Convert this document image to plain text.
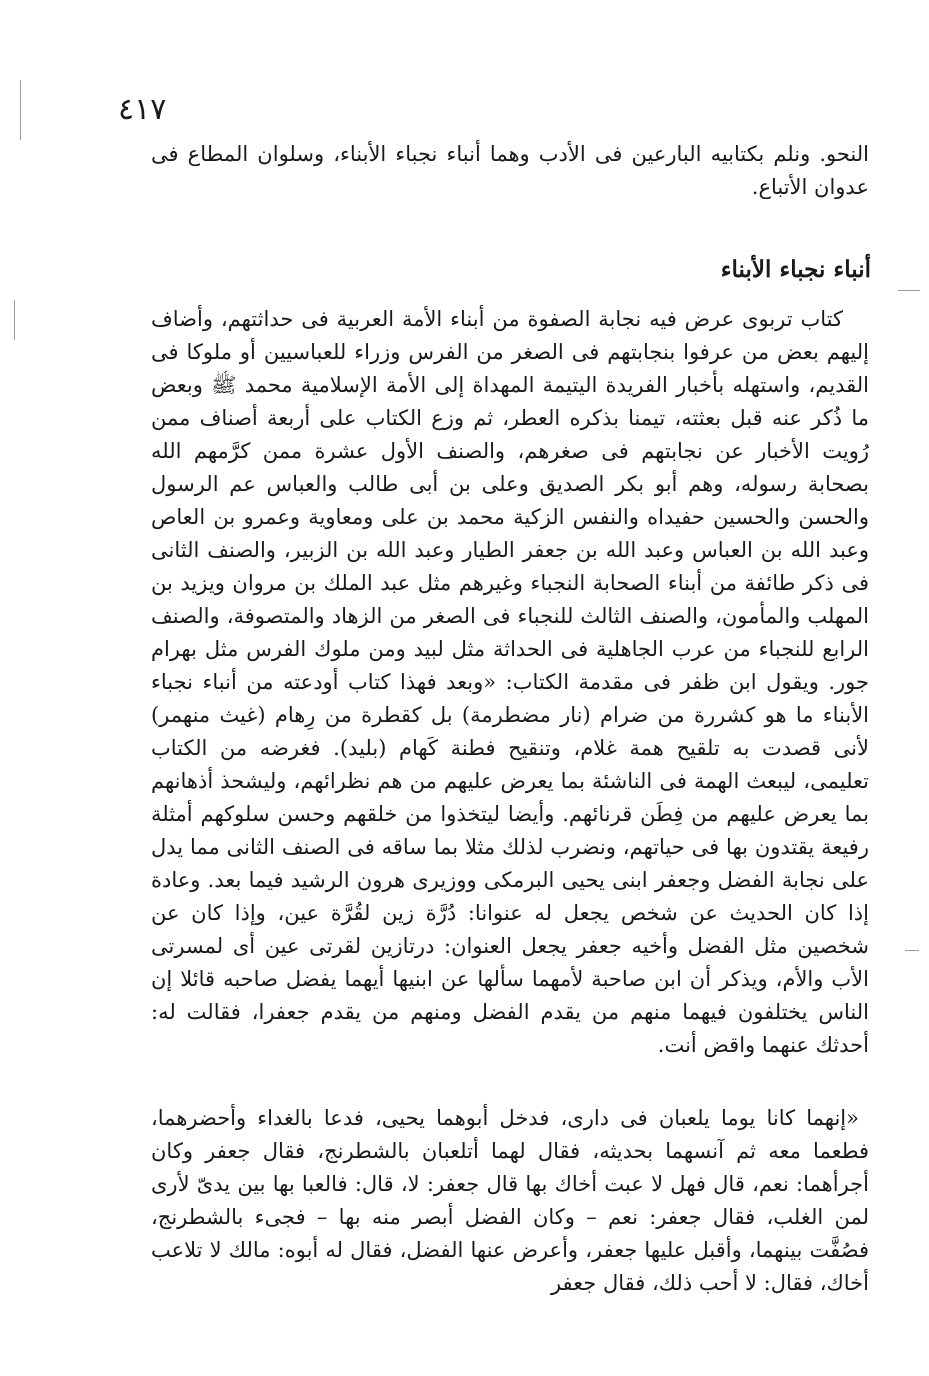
٤١٧

النحو. ونلم بكتابيه البارعين فى الأدب وهما أنباء نجباء الأبناء، وسلوان المطاع فى عدوان الأتباع.

أنباء نجباء الأبناء

كتاب تربوى عرض فيه نجابة الصفوة من أبناء الأمة العربية فى حداثتهم، وأضاف إليهم بعض من عرفوا بنجابتهم فى الصغر من الفرس وزراء للعباسيين أو ملوكا فى القديم، واستهله بأخبار الفريدة اليتيمة المهداة إلى الأمة الإسلامية محمد ﷺ وبعض ما ذُكر عنه قبل بعثته، تيمنا بذكره العطر، ثم وزع الكتاب على أربعة أصناف ممن رُويت الأخبار عن نجابتهم فى صغرهم، والصنف الأول عشرة ممن كرَّمهم الله بصحابة رسوله، وهم أبو بكر الصديق وعلى بن أبى طالب والعباس عم الرسول والحسن والحسين حفيداه والنفس الزكية محمد بن على ومعاوية وعمرو بن العاص وعبد الله بن العباس وعبد الله بن جعفر الطيار وعبد الله بن الزبير، والصنف الثانى فى ذكر طائفة من أبناء الصحابة النجباء وغيرهم مثل عبد الملك بن مروان ويزيد بن المهلب والمأمون، والصنف الثالث للنجباء فى الصغر من الزهاد والمتصوفة، والصنف الرابع للنجباء من عرب الجاهلية فى الحداثة مثل لبيد ومن ملوك الفرس مثل بهرام جور. ويقول ابن ظفر فى مقدمة الكتاب: «وبعد فهذا كتاب أودعته من أنباء نجباء الأبناء ما هو كشررة من ضرام (نار مضطرمة) بل كقطرة من رِهام (غيث منهمر) لأنى قصدت به تلقيح همة غلام، وتنقيح فطنة كَهام (بليد). فغرضه من الكتاب تعليمى، ليبعث الهمة فى الناشئة بما يعرض عليهم من هم نظرائهم، وليشحذ أذهانهم بما يعرض عليهم من فِطَن قرنائهم. وأيضا ليتخذوا من خلقهم وحسن سلوكهم أمثلة رفيعة يقتدون بها فى حياتهم، ونضرب لذلك مثلا بما ساقه فى الصنف الثانى مما يدل على نجابة الفضل وجعفر ابنى يحيى البرمكى ووزيرى هرون الرشيد فيما بعد. وعادة إذا كان الحديث عن شخص يجعل له عنوانا: دُرَّة زين لقُرَّة عين، وإذا كان عن شخصين مثل الفضل وأخيه جعفر يجعل العنوان: درتازين لقرتى عين أى لمسرتى الأب والأم، ويذكر أن ابن صاحبة لأمهما سألها عن ابنيها أيهما يفضل صاحبه قائلا إن الناس يختلفون فيهما منهم من يقدم الفضل ومنهم من يقدم جعفرا، فقالت له: أحدثك عنهما واقض أنت.

«إنهما كانا يوما يلعبان فى دارى، فدخل أبوهما يحيى، فدعا بالغداء وأحضرهما، فطعما معه ثم آنسهما بحديثه، فقال لهما أتلعبان بالشطرنج، فقال جعفر وكان أجرأهما: نعم، قال فهل لا عبت أخاك بها قال جعفر: لا، قال: فالعبا بها بين يدىّ لأرى لمن الغلب، فقال جعفر: نعم – وكان الفضل أبصر منه بها – فجىء بالشطرنج، فصُفَّت بينهما، وأقبل عليها جعفر، وأعرض عنها الفضل، فقال له أبوه: مالك لا تلاعب أخاك، فقال: لا أحب ذلك، فقال جعفر
